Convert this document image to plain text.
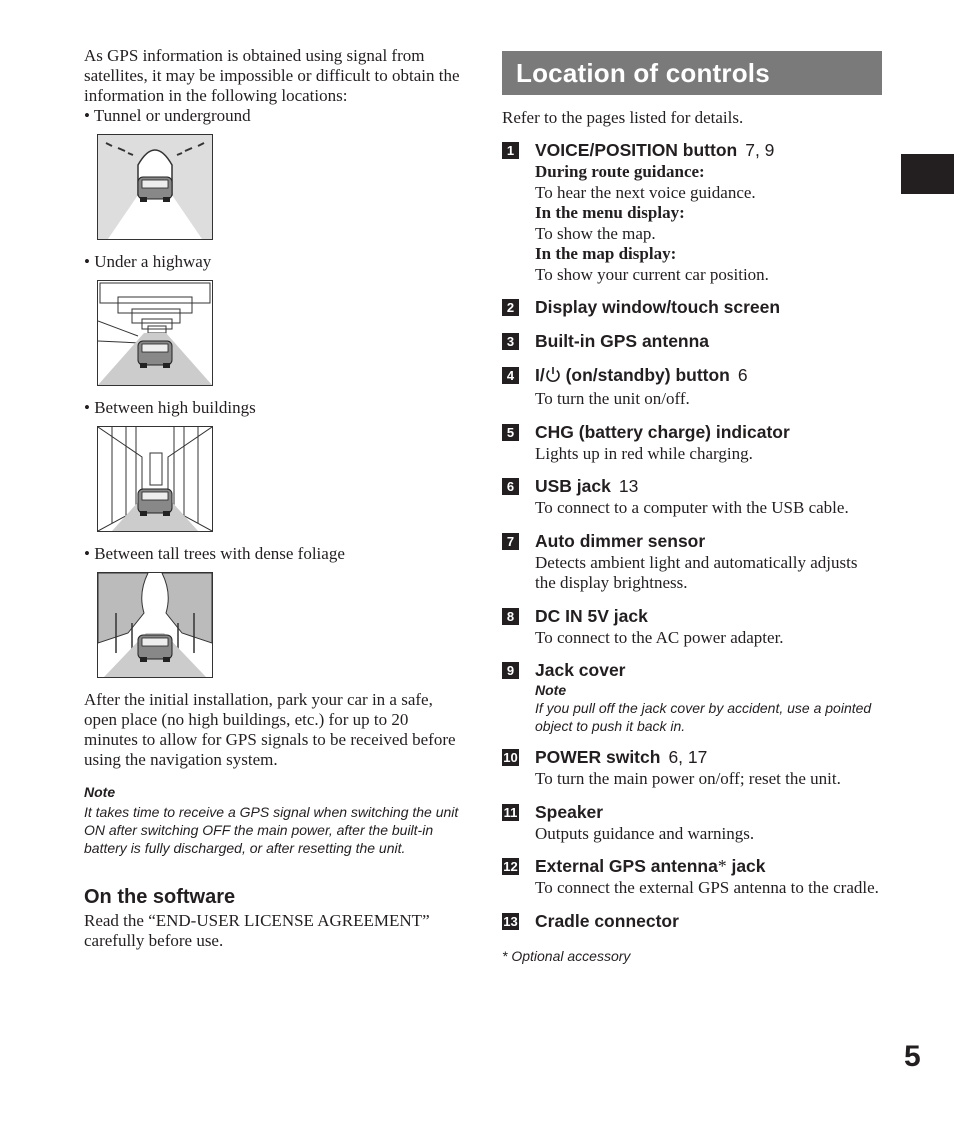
As GPS information is obtained using signal from satellites, it may be impossible or difficult to obtain the information in the following locations:

• Tunnel or underground

• Under a highway

• Between high buildings

• Between tall trees with dense foliage

After the initial installation, park your car in a safe, open place (no high buildings, etc.) for up to 20 minutes to allow for GPS signals to be received before using the navigation system.

Note

It takes time to receive a GPS signal when switching the unit ON after switching OFF the main power, after the built-in battery is fully discharged, or after resetting the unit.

On the software

Read the “END-USER LICENSE AGREEMENT” carefully before use.

Location of controls

Refer to the pages listed for details.

1 VOICE/POSITION button 7, 9
During route guidance:
To hear the next voice guidance.
In the menu display:
To show the map.
In the map display:
To show your current car position.
2 Display window/touch screen
3 Built-in GPS antenna
4 I/ (on/standby) button 6
To turn the unit on/off.
5 CHG (battery charge) indicator
Lights up in red while charging.
6 USB jack 13
To connect to a computer with the USB cable.
7 Auto dimmer sensor
Detects ambient light and automatically adjusts the display brightness.
8 DC IN 5V jack
To connect to the AC power adapter.
9 Jack cover
Note
If you pull off the jack cover by accident, use a pointed object to push it back in.
10 POWER switch 6, 17
To turn the main power on/off; reset the unit.
11 Speaker
Outputs guidance and warnings.
12 External GPS antenna* jack
To connect the external GPS antenna to the cradle.
13 Cradle connector
* Optional accessory
5
